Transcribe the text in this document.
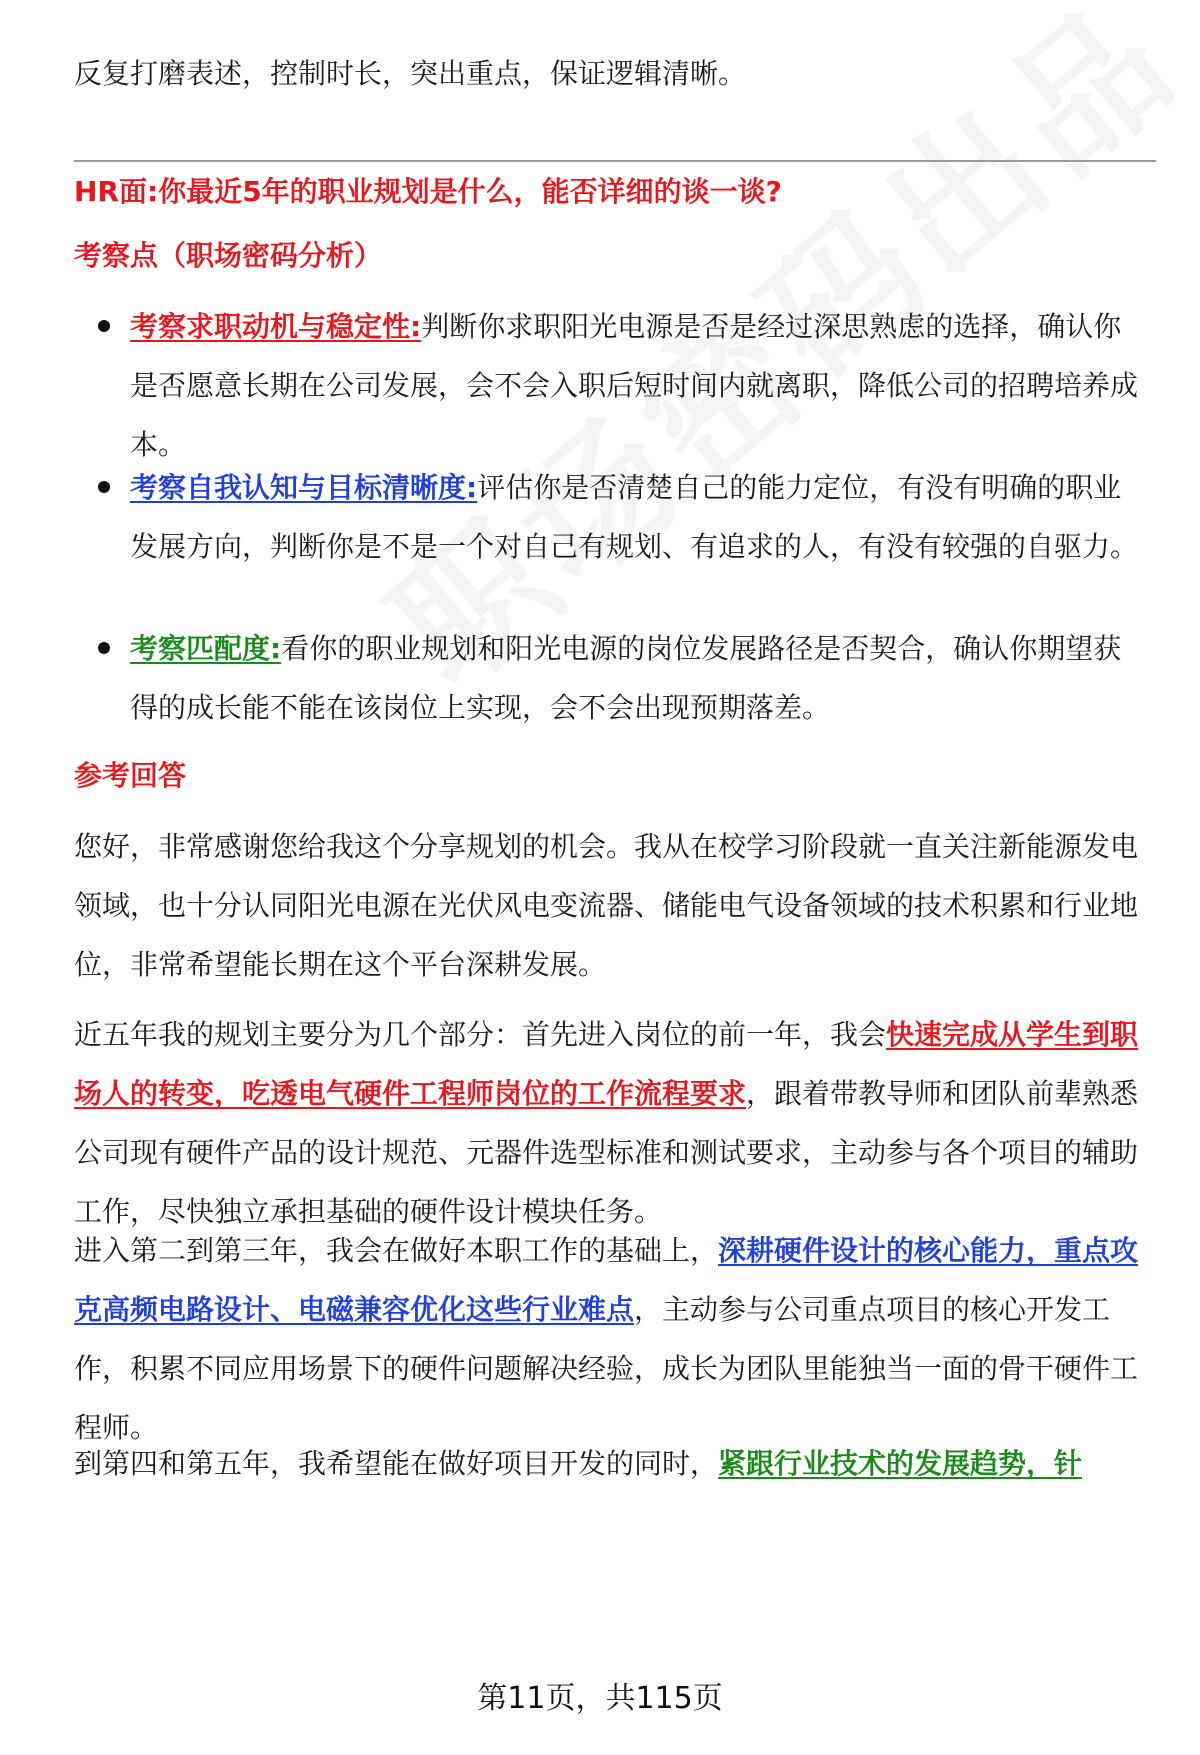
反复打磨表述，控制时长，突出重点，保证逻辑清晰。

HR面:你最近5年的职业规划是什么，能否详细的谈一谈?

考察点（职场密码分析）

考察求职动机与稳定性:判断你求职阳光电源是否是经过深思熟虑的选择，确认你是否愿意长期在公司发展，会不会入职后短时间内就离职，降低公司的招聘培养成本。

考察自我认知与目标清晰度:评估你是否清楚自己的能力定位，有没有明确的职业发展方向，判断你是不是一个对自己有规划、有追求的人，有没有较强的自驱力。

考察匹配度:看你的职业规划和阳光电源的岗位发展路径是否契合，确认你期望获得的成长能不能在该岗位上实现，会不会出现预期落差。

参考回答

您好，非常感谢您给我这个分享规划的机会。我从在校学习阶段就一直关注新能源发电领域，也十分认同阳光电源在光伏风电变流器、储能电气设备领域的技术积累和行业地位，非常希望能长期在这个平台深耕发展。

近五年我的规划主要分为几个部分：首先进入岗位的前一年，我会快速完成从学生到职场人的转变，吃透电气硬件工程师岗位的工作流程要求，跟着带教导师和团队前辈熟悉公司现有硬件产品的设计规范、元器件选型标准和测试要求，主动参与各个项目的辅助工作，尽快独立承担基础的硬件设计模块任务。

进入第二到第三年，我会在做好本职工作的基础上，深耕硬件设计的核心能力，重点攻克高频电路设计、电磁兼容优化这些行业难点，主动参与公司重点项目的核心开发工作，积累不同应用场景下的硬件问题解决经验，成长为团队里能独当一面的骨干硬件工程师。

到第四和第五年，我希望能在做好项目开发的同时，紧跟行业技术的发展趋势，针

第11页，共115页
